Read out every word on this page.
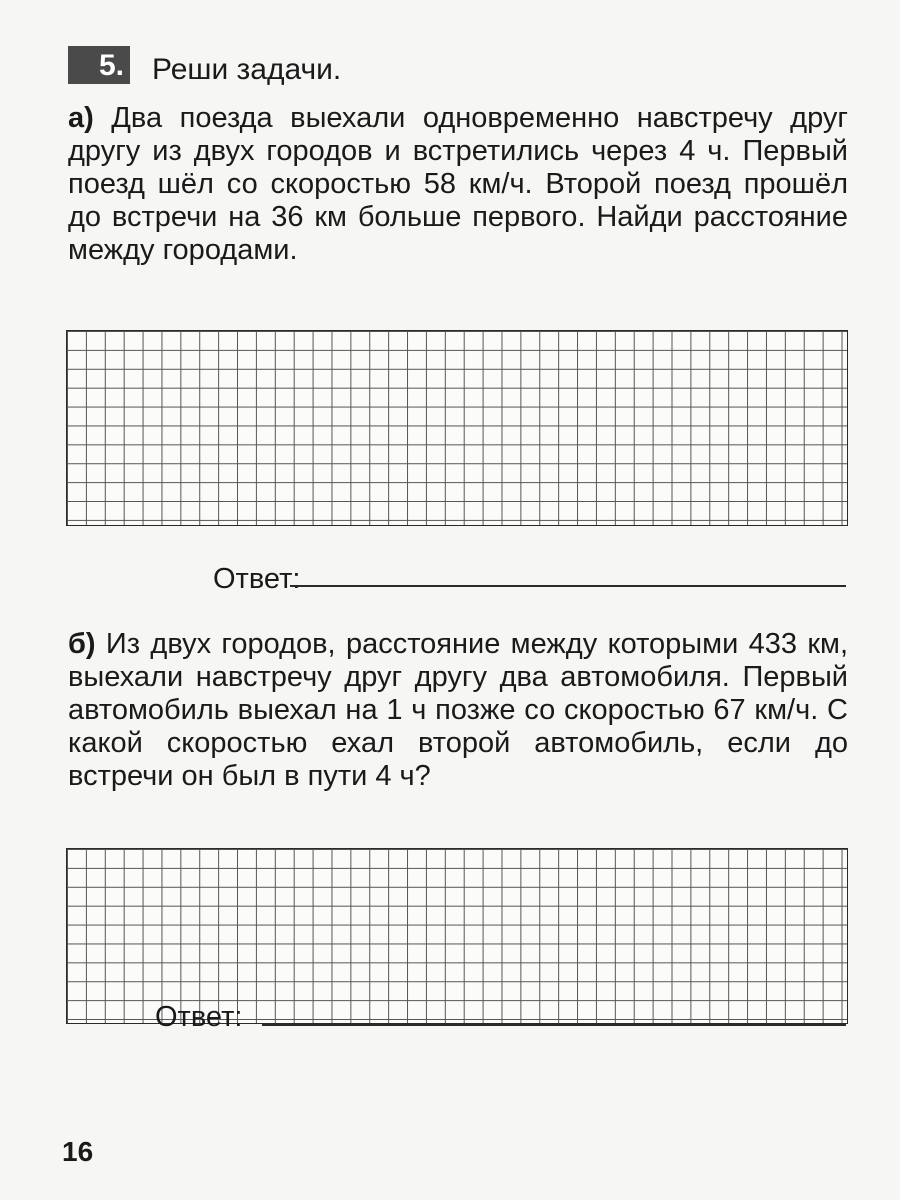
5. Реши задачи.
а) Два поезда выехали одновременно навстречу друг другу из двух городов и встретились через 4 ч. Первый поезд шёл со скоростью 58 км/ч. Второй поезд прошёл до встречи на 36 км больше первого. Найди расстояние между городами.
Ответ:
б) Из двух городов, расстояние между которыми 433 км, выехали навстречу друг другу два автомобиля. Первый автомобиль выехал на 1 ч позже со скоростью 67 км/ч. С какой скоростью ехал второй автомобиль, если до встречи он был в пути 4 ч?
Ответ:
16
